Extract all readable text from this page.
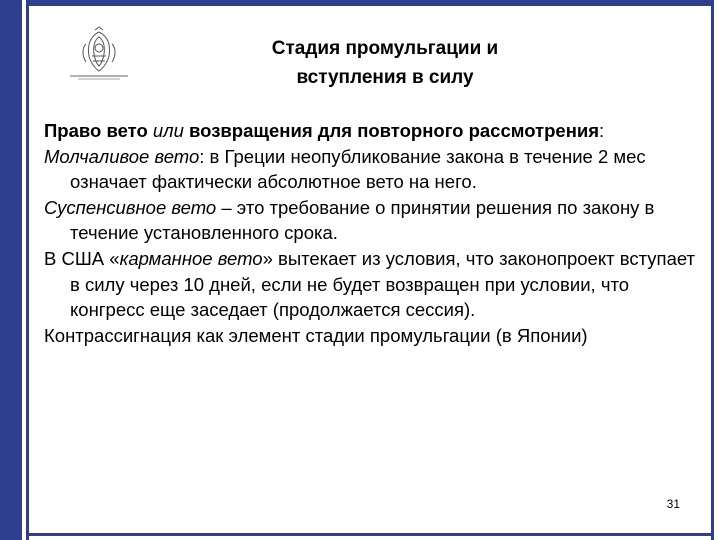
Стадия промульгации и
вступления в силу

Право вето или возвращения для повторного рассмотрения:

Молчаливое вето: в Греции неопубликование закона в течение 2 мес означает фактически абсолютное вето на него.

Суспенсивное вето – это требование о принятии решения по закону в течение установленного срока.

В США «карманное вето» вытекает из условия, что законопроект вступает в силу через 10 дней, если не будет возвращен при условии, что конгресс еще заседает (продолжается сессия).

Контрассигнация как элемент стадии промульгации (в Японии)

31
